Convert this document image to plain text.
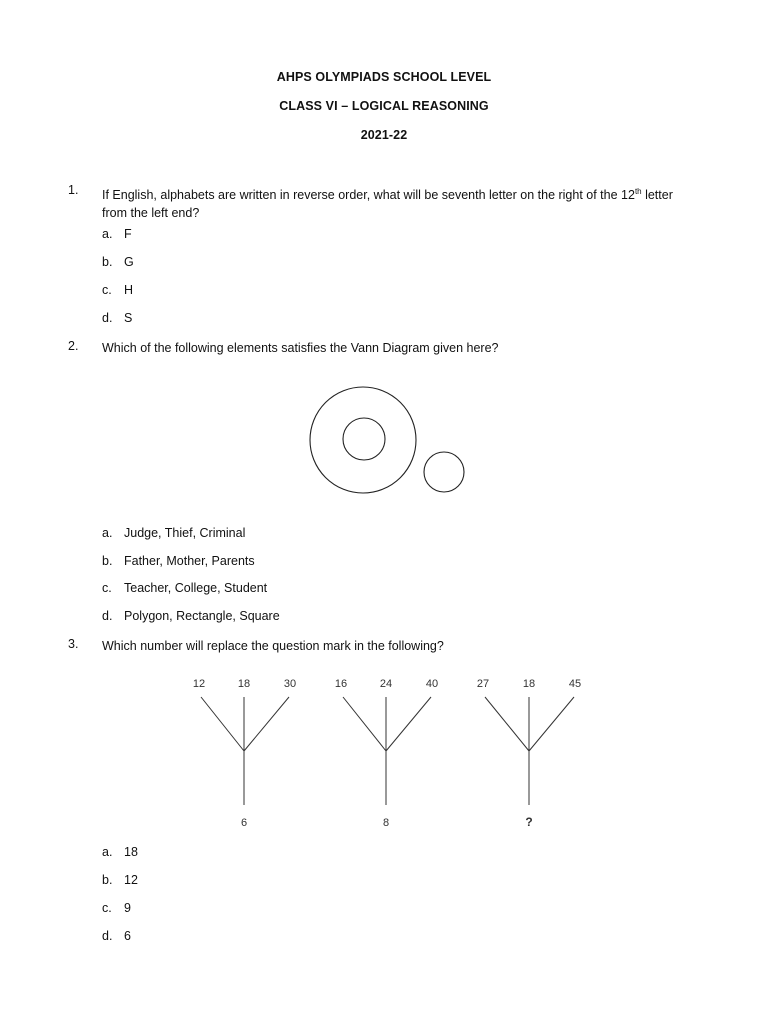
AHPS OLYMPIADS SCHOOL LEVEL
CLASS VI – LOGICAL REASONING
2021-22
1. If English, alphabets are written in reverse order, what will be seventh letter on the right of the 12th letter
from the left end?
a. F
b. G
c. H
d. S
2. Which of the following elements satisfies the Vann Diagram given here?
a. Judge, Thief, Criminal
b. Father, Mother, Parents
c. Teacher, College, Student
d. Polygon, Rectangle, Square
3. Which number will replace the question mark in the following?
12	18	30
6
16	24	40
8
27	18	45
?
a. 18
b. 12
c. 9
d. 6
